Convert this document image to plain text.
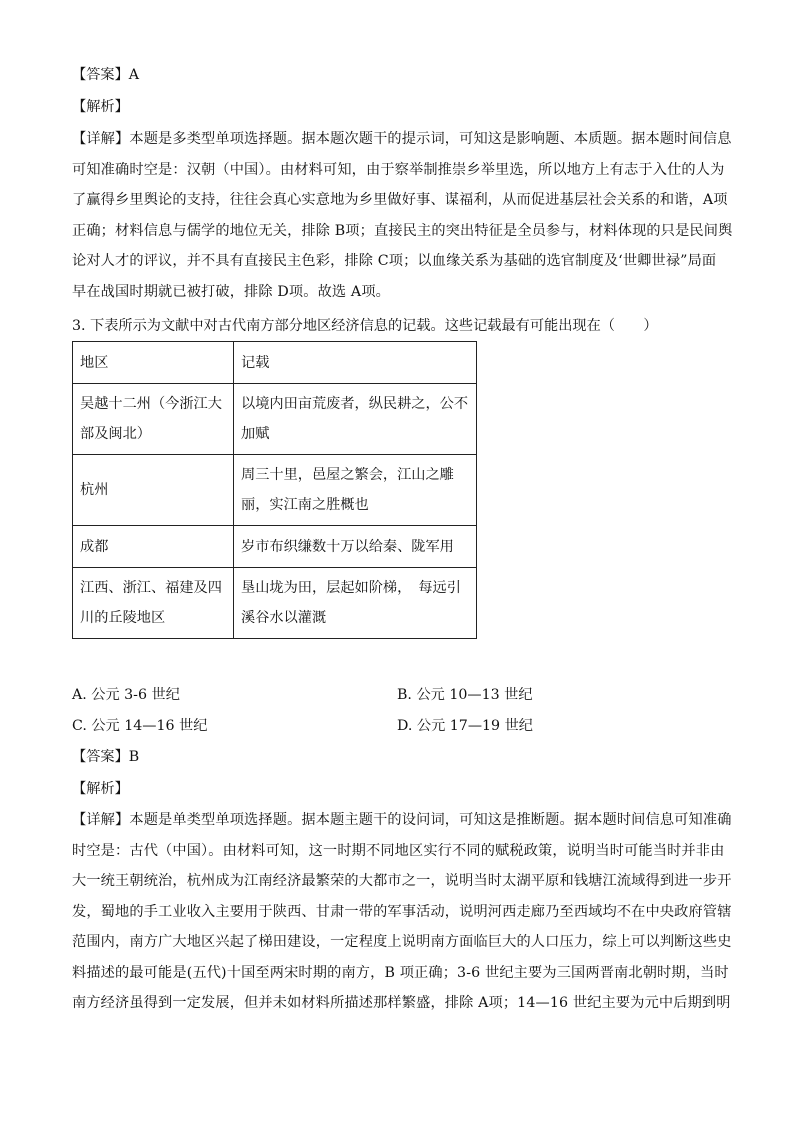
【答案】A
【解析】
【详解】本题是多类型单项选择题。据本题次题干的提示词，可知这是影响题、本质题。据本题时间信息
可知准确时空是：汉朝（中国）。由材料可知，由于察举制推崇乡举里选，所以地方上有志于入仕的人为
了赢得乡里舆论的支持，往往会真心实意地为乡里做好事、谋福利，从而促进基层社会关系的和谐，A项
正确；材料信息与儒学的地位无关，排除 B项；直接民主的突出特征是全员参与，材料体现的只是民间舆
论对人才的评议，并不具有直接民主色彩，排除 C项；以血缘关系为基础的选官制度及‘世卿世禄”局面
早在战国时期就已被打破，排除 D项。故选 A项。
3. 下表所示为文献中对古代南方部分地区经济信息的记载。这些记载最有可能出现在（　　）
地区	记载
吴越十二州（今浙江大部及闽北）	以境内田亩荒废者，纵民耕之，公不加赋
杭州	周三十里，邑屋之繁会，江山之雕丽，实江南之胜概也
成都	岁市布织缣数十万以给秦、陇军用
江西、浙江、福建及四川的丘陵地区	垦山垅为田，层起如阶梯，　每远引溪谷水以灌溉
A. 公元 3-6 世纪	B. 公元 10—13 世纪
C. 公元 14—16 世纪	D. 公元 17—19 世纪
【答案】B
【解析】
【详解】本题是单类型单项选择题。据本题主题干的设问词，可知这是推断题。据本题时间信息可知准确
时空是：古代（中国）。由材料可知，这一时期不同地区实行不同的赋税政策，说明当时可能当时并非由
大一统王朝统治，杭州成为江南经济最繁荣的大都市之一，说明当时太湖平原和钱塘江流域得到进一步开
发，蜀地的手工业收入主要用于陕西、甘肃一带的军事活动，说明河西走廊乃至西域均不在中央政府管辖
范围内，南方广大地区兴起了梯田建设，一定程度上说明南方面临巨大的人口压力，综上可以判断这些史
料描述的最可能是(五代)十国至两宋时期的南方，B 项正确；3-6 世纪主要为三国两晋南北朝时期，当时
南方经济虽得到一定发展，但并未如材料所描述那样繁盛，排除 A项；14—16 世纪主要为元中后期到明
